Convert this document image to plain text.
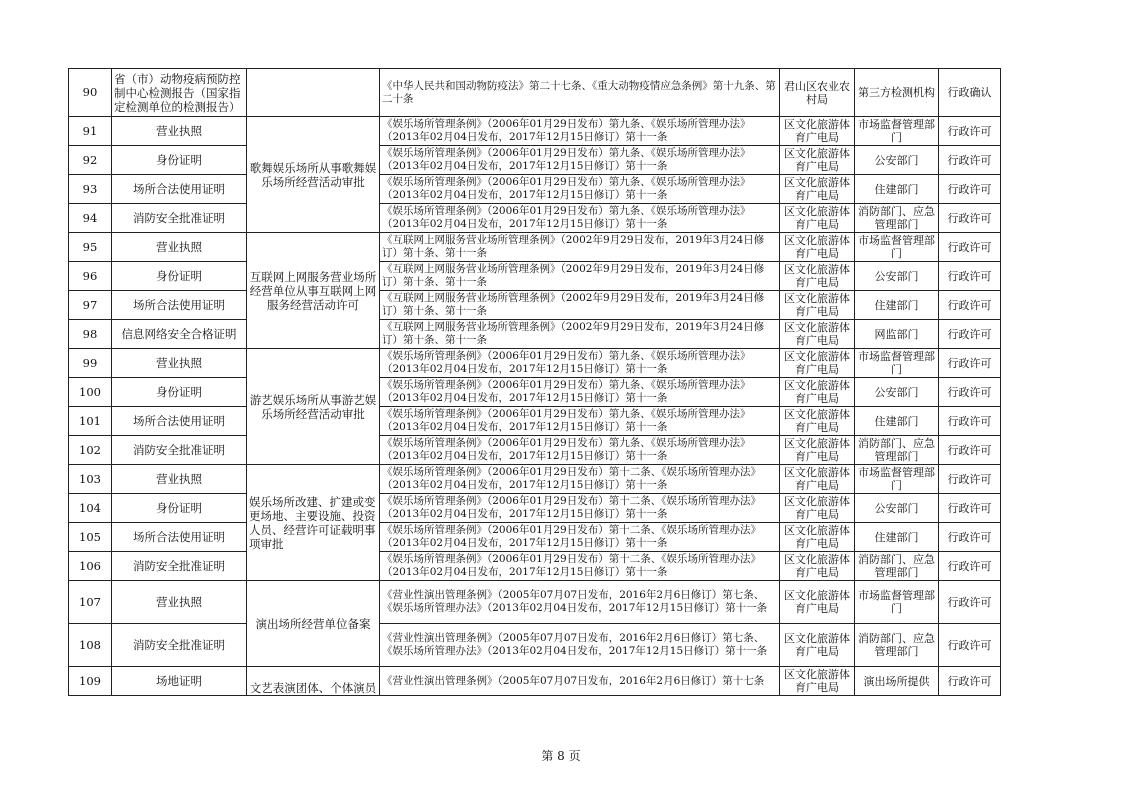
90	省（市）动物疫病预防控制中心检测报告（国家指定检测单位的检测报告）		《中华人民共和国动物防疫法》第二十七条、《重大动物疫情应急条例》第十九条、第二十条	君山区农业农村局	第三方检测机构	行政确认
91	营业执照	歌舞娱乐场所从事歌舞娱乐场所经营活动审批	《娱乐场所管理条例》（2006年01月29日发布）第九条、《娱乐场所管理办法》（2013年02月04日发布，2017年12月15日修订）第十一条	区文化旅游体育广电局	市场监督管理部门	行政许可
92	身份证明		《娱乐场所管理条例》（2006年01月29日发布）第九条、《娱乐场所管理办法》（2013年02月04日发布，2017年12月15日修订）第十一条	区文化旅游体育广电局	公安部门	行政许可
93	场所合法使用证明		《娱乐场所管理条例》（2006年01月29日发布）第九条、《娱乐场所管理办法》（2013年02月04日发布，2017年12月15日修订）第十一条	区文化旅游体育广电局	住建部门	行政许可
94	消防安全批准证明		《娱乐场所管理条例》（2006年01月29日发布）第九条、《娱乐场所管理办法》（2013年02月04日发布，2017年12月15日修订）第十一条	区文化旅游体育广电局	消防部门、应急管理部门	行政许可
95	营业执照	互联网上网服务营业场所经营单位从事互联网上网服务经营活动许可	《互联网上网服务营业场所管理条例》（2002年9月29日发布，2019年3月24日修订）第十条、第十一条	区文化旅游体育广电局	市场监督管理部门	行政许可
96	身份证明		《互联网上网服务营业场所管理条例》（2002年9月29日发布，2019年3月24日修订）第十条、第十一条	区文化旅游体育广电局	公安部门	行政许可
97	场所合法使用证明		《互联网上网服务营业场所管理条例》（2002年9月29日发布，2019年3月24日修订）第十条、第十一条	区文化旅游体育广电局	住建部门	行政许可
98	信息网络安全合格证明		《互联网上网服务营业场所管理条例》（2002年9月29日发布，2019年3月24日修订）第十条、第十一条	区文化旅游体育广电局	网监部门	行政许可
99	营业执照	游艺娱乐场所从事游艺娱乐场所经营活动审批	《娱乐场所管理条例》（2006年01月29日发布）第九条、《娱乐场所管理办法》（2013年02月04日发布，2017年12月15日修订）第十一条	区文化旅游体育广电局	市场监督管理部门	行政许可
100	身份证明		《娱乐场所管理条例》（2006年01月29日发布）第九条、《娱乐场所管理办法》（2013年02月04日发布，2017年12月15日修订）第十一条	区文化旅游体育广电局	公安部门	行政许可
101	场所合法使用证明		《娱乐场所管理条例》（2006年01月29日发布）第九条、《娱乐场所管理办法》（2013年02月04日发布，2017年12月15日修订）第十一条	区文化旅游体育广电局	住建部门	行政许可
102	消防安全批准证明		《娱乐场所管理条例》（2006年01月29日发布）第九条、《娱乐场所管理办法》（2013年02月04日发布，2017年12月15日修订）第十一条	区文化旅游体育广电局	消防部门、应急管理部门	行政许可
103	营业执照	娱乐场所改建、扩建或变更场地、主要设施、投资人员、经营许可证载明事项审批	《娱乐场所管理条例》（2006年01月29日发布）第十二条、《娱乐场所管理办法》（2013年02月04日发布，2017年12月15日修订）第十一条	区文化旅游体育广电局	市场监督管理部门	行政许可
104	身份证明		《娱乐场所管理条例》（2006年01月29日发布）第十二条、《娱乐场所管理办法》（2013年02月04日发布，2017年12月15日修订）第十一条	区文化旅游体育广电局	公安部门	行政许可
105	场所合法使用证明		《娱乐场所管理条例》（2006年01月29日发布）第十二条、《娱乐场所管理办法》（2013年02月04日发布，2017年12月15日修订）第十一条	区文化旅游体育广电局	住建部门	行政许可
106	消防安全批准证明		《娱乐场所管理条例》（2006年01月29日发布）第十二条、《娱乐场所管理办法》（2013年02月04日发布，2017年12月15日修订）第十一条	区文化旅游体育广电局	消防部门、应急管理部门	行政许可
107	营业执照	演出场所经营单位备案	《营业性演出管理条例》（2005年07月07日发布，2016年2月6日修订）第七条、《娱乐场所管理办法》（2013年02月04日发布，2017年12月15日修订）第十一条	区文化旅游体育广电局	市场监督管理部门	行政许可
108	消防安全批准证明		《营业性演出管理条例》（2005年07月07日发布，2016年2月6日修订）第七条、《娱乐场所管理办法》（2013年02月04日发布，2017年12月15日修订）第十一条	区文化旅游体育广电局	消防部门、应急管理部门	行政许可
109	场地证明	文艺表演团体、个体演员	《营业性演出管理条例》（2005年07月07日发布，2016年2月6日修订）第十七条	区文化旅游体育广电局	演出场所提供	行政许可
第 8 页
